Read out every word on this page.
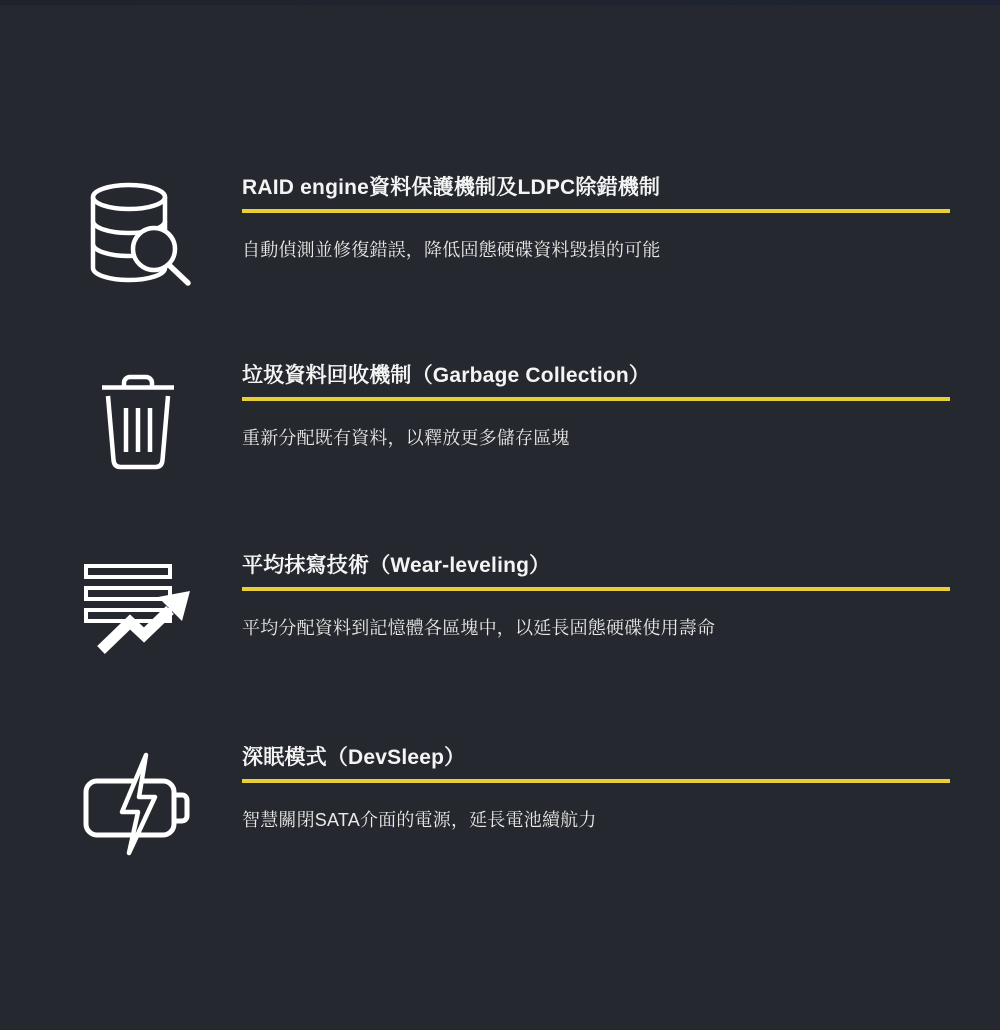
RAID engine資料保護機制及LDPC除錯機制

自動偵測並修復錯誤，降低固態硬碟資料毀損的可能

垃圾資料回收機制（Garbage Collection）

重新分配既有資料，以釋放更多儲存區塊

平均抹寫技術（Wear-leveling）

平均分配資料到記憶體各區塊中，以延長固態硬碟使用壽命

深眠模式（DevSleep）

智慧關閉SATA介面的電源，延長電池續航力
